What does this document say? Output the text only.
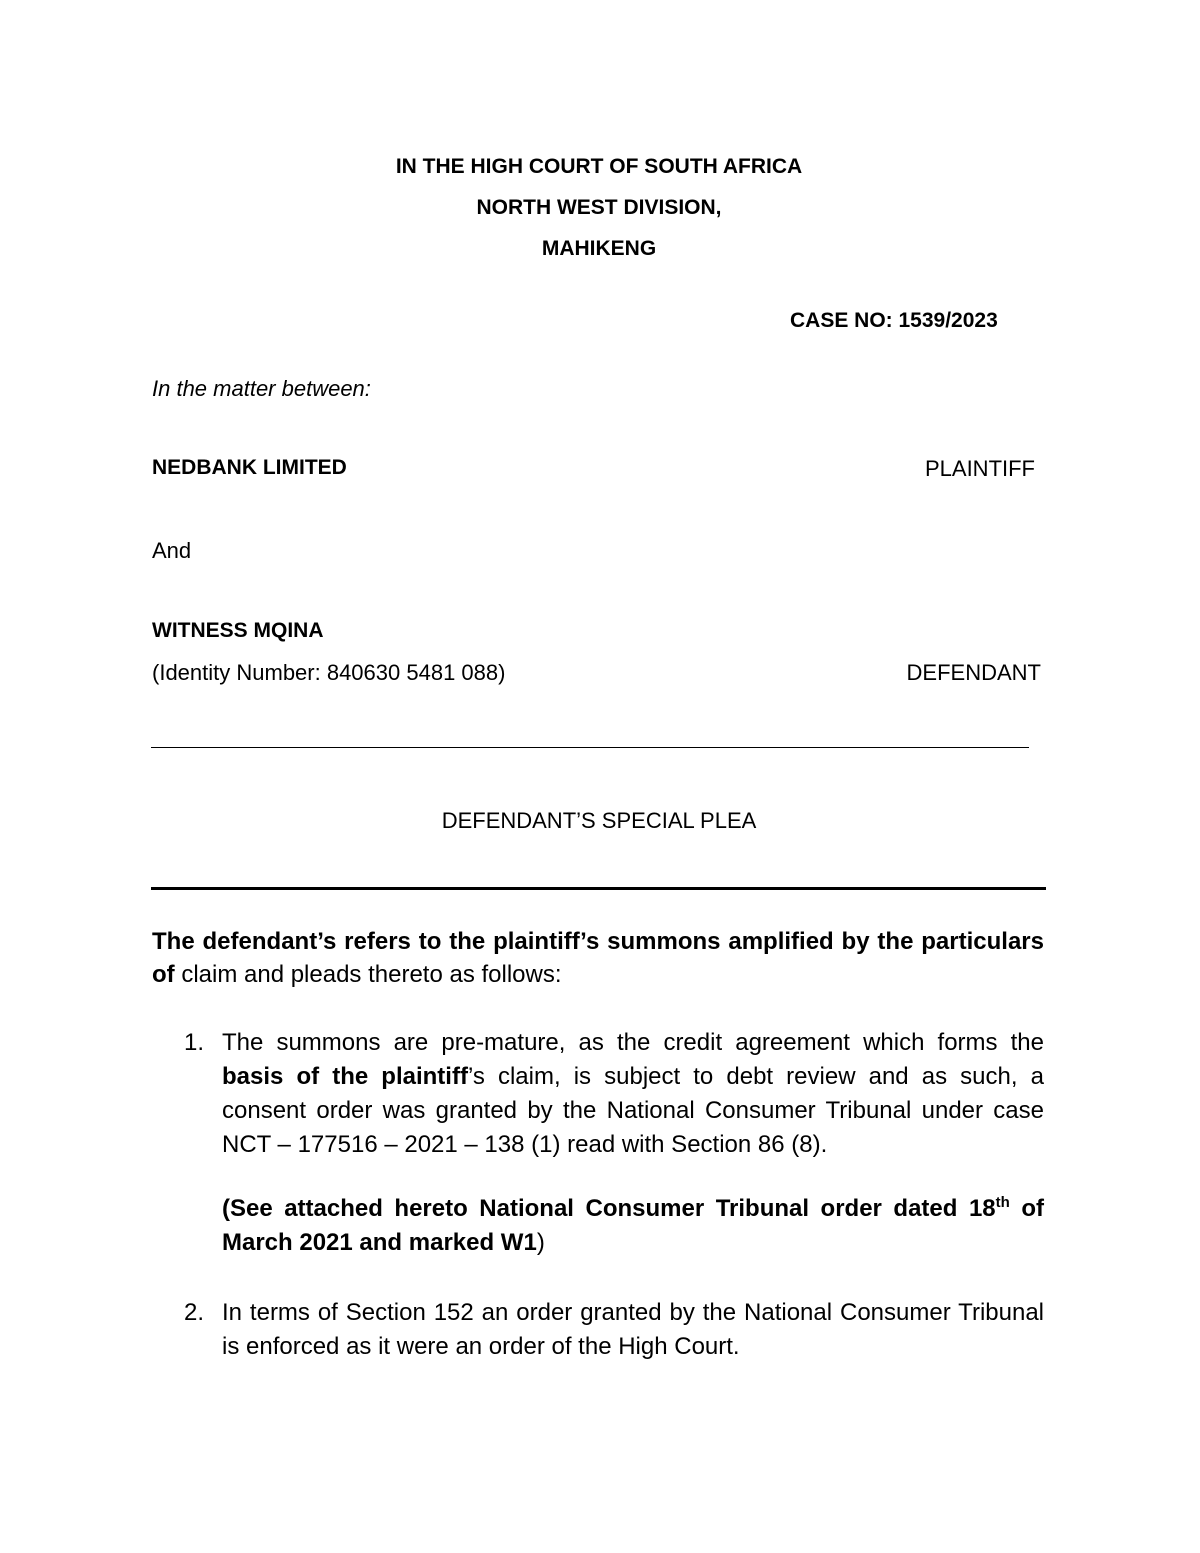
IN THE HIGH COURT OF SOUTH AFRICA
NORTH WEST DIVISION,
MAHIKENG
CASE NO: 1539/2023
In the matter between:
NEDBANK LIMITED	PLAINTIFF
And
WITNESS MQINA
(Identity Number: 840630 5481 088)	DEFENDANT
DEFENDANT’S SPECIAL PLEA
The defendant’s refers to the plaintiff’s summons amplified by the particulars of claim and pleads thereto as follows:
1. The summons are pre-mature, as the credit agreement which forms the basis of the plaintiff’s claim, is subject to debt review and as such, a consent order was granted by the National Consumer Tribunal under case NCT – 177516 – 2021 – 138 (1) read with Section 86 (8).
(See attached hereto National Consumer Tribunal order dated 18th of March 2021 and marked W1)
2. In terms of Section 152 an order granted by the National Consumer Tribunal is enforced as it were an order of the High Court.
